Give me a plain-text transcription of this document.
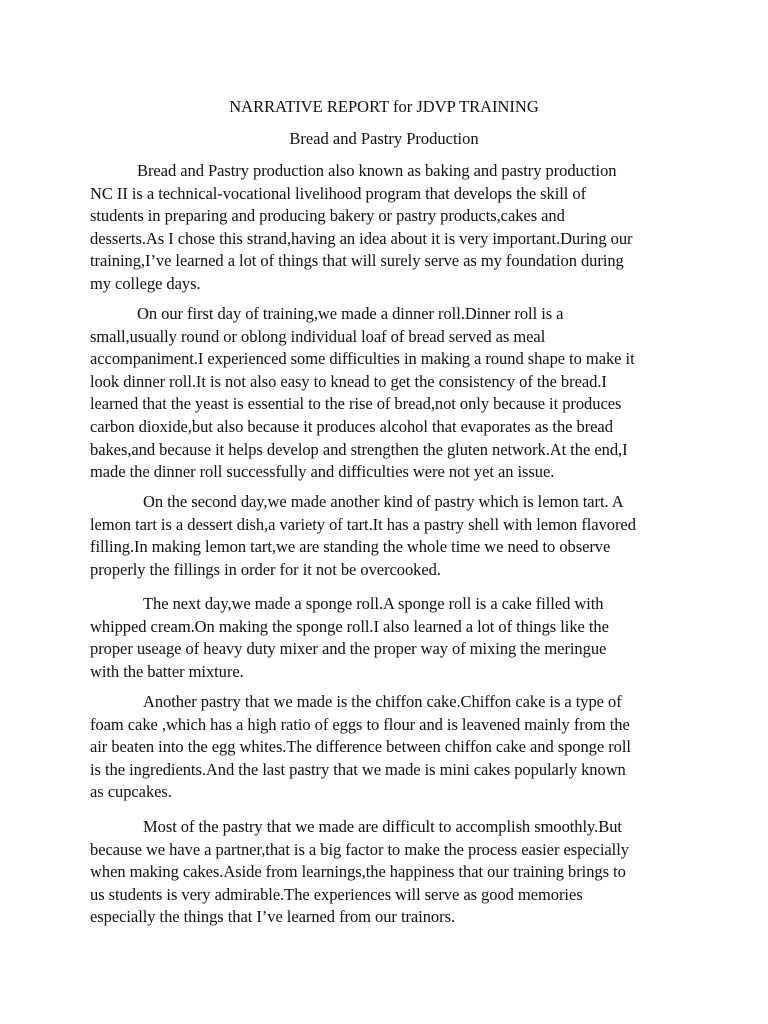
NARRATIVE REPORT for JDVP TRAINING
Bread and Pastry Production

Bread and Pastry production also known as baking and pastry production
NC II is a technical-vocational livelihood program that develops the skill of
students in preparing and producing bakery or pastry products,cakes and
desserts.As I chose this strand,having an idea about it is very important.During our
training,I’ve learned a lot of things that will surely serve as my foundation during
my college days.

On our first day of training,we made a dinner roll.Dinner roll is a
small,usually round or oblong individual loaf of bread served as meal
accompaniment.I experienced some difficulties in making a round shape to make it
look dinner roll.It is not also easy to knead to get the consistency of the bread.I
learned that the yeast is essential to the rise of bread,not only because it produces
carbon dioxide,but also because it produces alcohol that evaporates as the bread
bakes,and because it helps develop and strengthen the gluten network.At the end,I
made the dinner roll successfully and difficulties were not yet an issue.

On the second day,we made another kind of pastry which is lemon tart. A
lemon tart is a dessert dish,a variety of tart.It has a pastry shell with lemon flavored
filling.In making lemon tart,we are standing the whole time we need to observe
properly the fillings in order for it not be overcooked.

The next day,we made a sponge roll.A sponge roll is a cake filled with
whipped cream.On making the sponge roll.I also learned a lot of things like the
proper useage of heavy duty mixer and the proper way of mixing the meringue
with the batter mixture.

Another pastry that we made is the chiffon cake.Chiffon cake is a type of
foam cake ,which has a high ratio of eggs to flour and is leavened mainly from the
air beaten into the egg whites.The difference between chiffon cake and sponge roll
is the ingredients.And the last pastry that we made is mini cakes popularly known
as cupcakes.

Most of the pastry that we made are difficult to accomplish smoothly.But
because we have a partner,that is a big factor to make the process easier especially
when making cakes.Aside from learnings,the happiness that our training brings to
us students is very admirable.The experiences will serve as good memories
especially the things that I’ve learned from our trainors.
